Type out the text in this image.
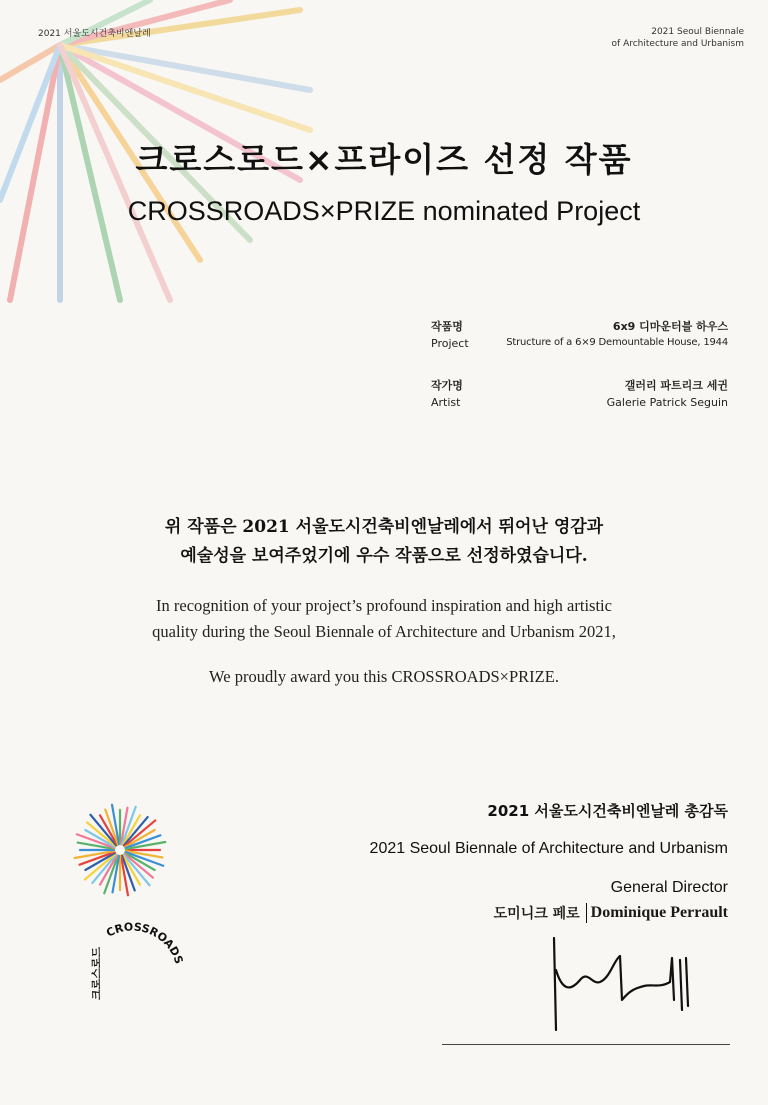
2021 서울도시건축비엔날레	2021 Seoul Biennale
of Architecture and Urbanism
크로스로드×프라이즈 선정 작품
CROSSROADS×PRIZE nominated Project
작품명
Project
6x9 디마운터블 하우스
Structure of a 6×9 Demountable House, 1944
작가명
Artist
갤러리 파트리크 세귄
Galerie Patrick Seguin
위 작품은 2021 서울도시건축비엔날레에서 뛰어난 영감과
예술성을 보여주었기에 우수 작품으로 선정하였습니다.
In recognition of your project’s profound inspiration and high artistic
quality during the Seoul Biennale of Architecture and Urbanism 2021,
We proudly award you this CROSSROADS×PRIZE.
2021 서울도시건축비엔날레 총감독
2021 Seoul Biennale of Architecture and Urbanism
General Director
도미니크 페로 Dominique Perrault
CROSSROADS
크로스로드
